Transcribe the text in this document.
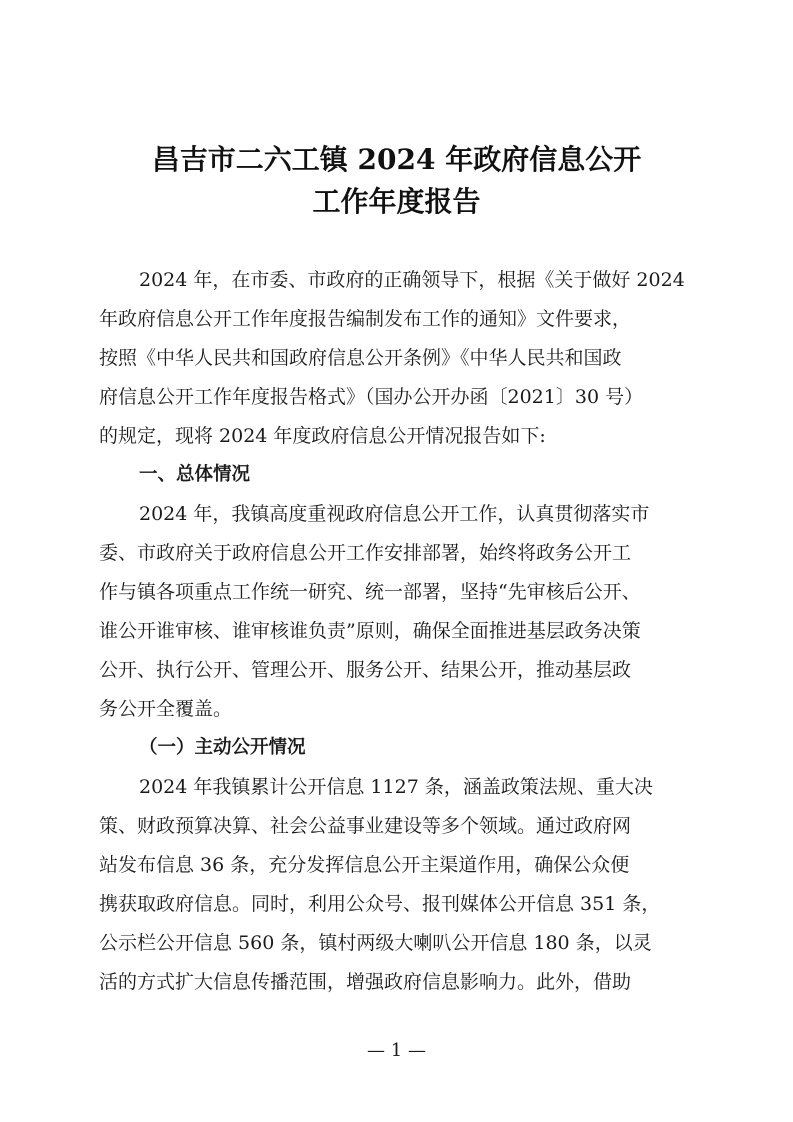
昌吉市二六工镇 2024 年政府信息公开
工作年度报告
2024 年，在市委、市政府的正确领导下，根据《关于做好 2024
年政府信息公开工作年度报告编制发布工作的通知》文件要求，
按照《中华人民共和国政府信息公开条例》《中华人民共和国政
府信息公开工作年度报告格式》（国办公开办函〔2021〕30 号）
的规定，现将 2024 年度政府信息公开情况报告如下:
一、总体情况
2024 年，我镇高度重视政府信息公开工作，认真贯彻落实市
委、市政府关于政府信息公开工作安排部署，始终将政务公开工
作与镇各项重点工作统一研究、统一部署，坚持“先审核后公开、
谁公开谁审核、谁审核谁负责”原则，确保全面推进基层政务决策
公开、执行公开、管理公开、服务公开、结果公开，推动基层政
务公开全覆盖。
（一）主动公开情况
2024 年我镇累计公开信息 1127 条，涵盖政策法规、重大决
策、财政预算决算、社会公益事业建设等多个领域。通过政府网
站发布信息 36 条，充分发挥信息公开主渠道作用，确保公众便
携获取政府信息。同时，利用公众号、报刊媒体公开信息 351 条，
公示栏公开信息 560 条，镇村两级大喇叭公开信息 180 条，以灵
活的方式扩大信息传播范围，增强政府信息影响力。此外，借助
— 1 —
